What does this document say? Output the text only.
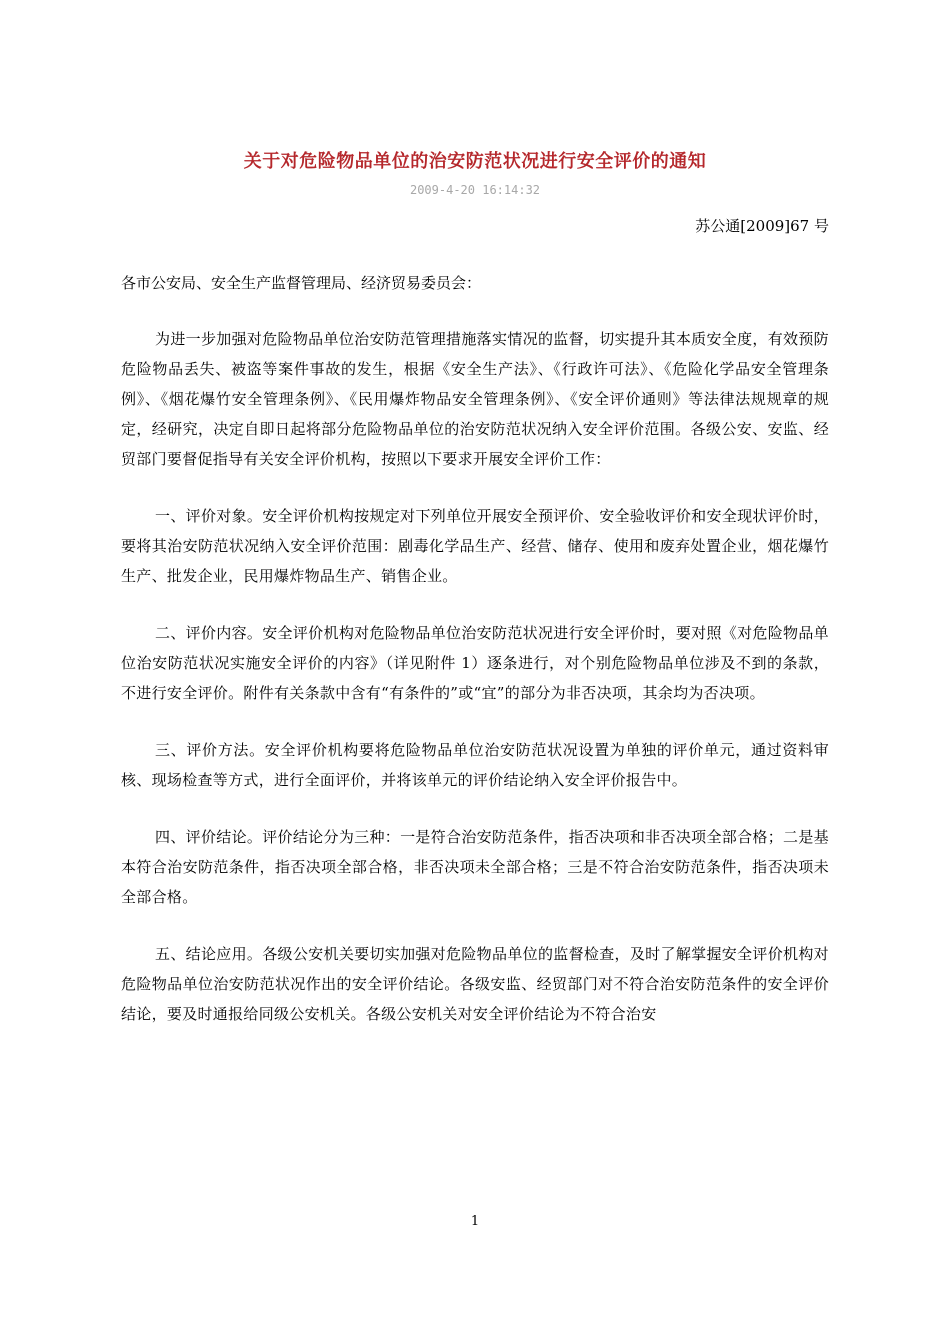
关于对危险物品单位的治安防范状况进行安全评价的通知
2009-4-20 16:14:32
苏公通[2009]67 号
各市公安局、安全生产监督管理局、经济贸易委员会：

为进一步加强对危险物品单位治安防范管理措施落实情况的监督，切实提升其本质安全度，有效预防危险物品丢失、被盗等案件事故的发生，根据《安全生产法》、《行政许可法》、《危险化学品安全管理条例》、《烟花爆竹安全管理条例》、《民用爆炸物品安全管理条例》、《安全评价通则》等法律法规规章的规定，经研究，决定自即日起将部分危险物品单位的治安防范状况纳入安全评价范围。各级公安、安监、经贸部门要督促指导有关安全评价机构，按照以下要求开展安全评价工作：

一、评价对象。安全评价机构按规定对下列单位开展安全预评价、安全验收评价和安全现状评价时，要将其治安防范状况纳入安全评价范围：剧毒化学品生产、经营、储存、使用和废弃处置企业，烟花爆竹生产、批发企业，民用爆炸物品生产、销售企业。

二、评价内容。安全评价机构对危险物品单位治安防范状况进行安全评价时，要对照《对危险物品单位治安防范状况实施安全评价的内容》（详见附件 1）逐条进行，对个别危险物品单位涉及不到的条款，不进行安全评价。附件有关条款中含有“有条件的”或“宜”的部分为非否决项，其余均为否决项。

三、评价方法。安全评价机构要将危险物品单位治安防范状况设置为单独的评价单元，通过资料审核、现场检查等方式，进行全面评价，并将该单元的评价结论纳入安全评价报告中。

四、评价结论。评价结论分为三种：一是符合治安防范条件，指否决项和非否决项全部合格；二是基本符合治安防范条件，指否决项全部合格，非否决项未全部合格；三是不符合治安防范条件，指否决项未全部合格。

五、结论应用。各级公安机关要切实加强对危险物品单位的监督检查，及时了解掌握安全评价机构对危险物品单位治安防范状况作出的安全评价结论。各级安监、经贸部门对不符合治安防范条件的安全评价结论，要及时通报给同级公安机关。各级公安机关对安全评价结论为不符合治安

1
